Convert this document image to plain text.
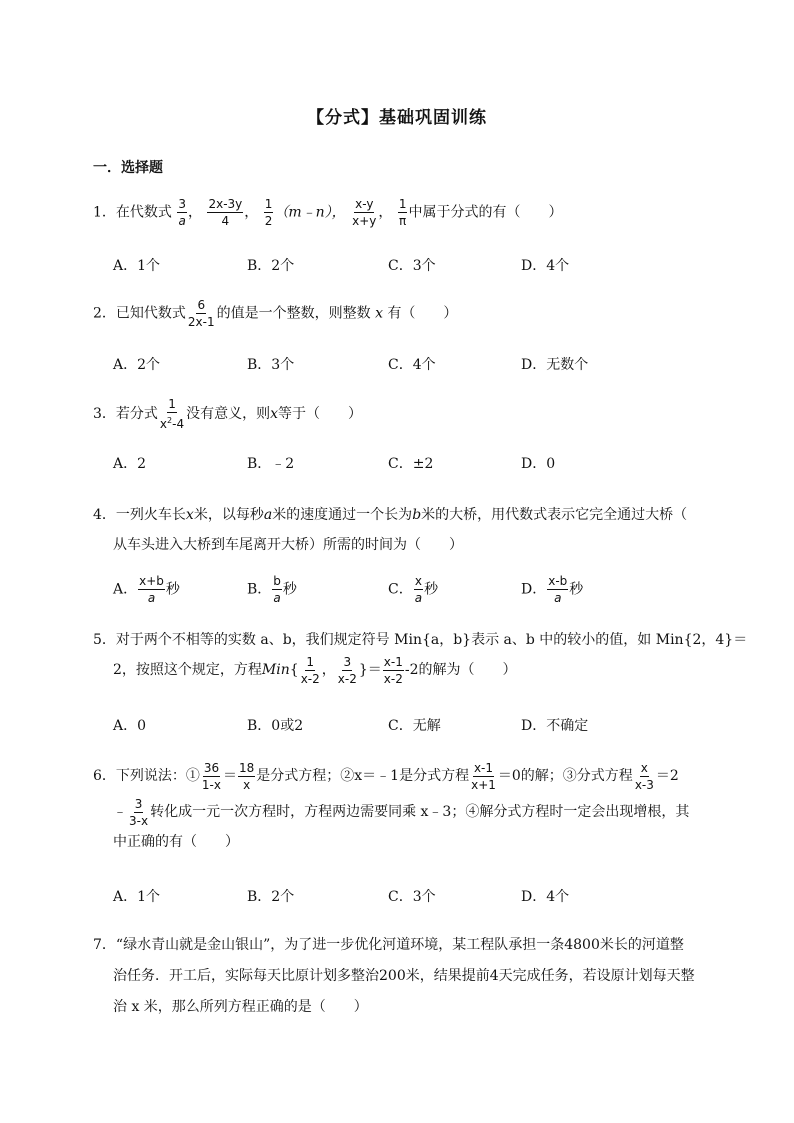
【分式】基础巩固训练
一．选择题
1．在代数式 $\frac{3}{a}$ ， $\frac{2x-3y}{4}$ ， $\frac{1}{2}$ （m﹣n）， $\frac{x-y}{x+y}$ ， $\frac{1}{\pi}$ 中属于分式的有（　　）
A．1个	B．2个	C．3个	D．4个
2．已知代数式 $\frac{6}{2x-1}$ 的值是一个整数，则整数 x 有（　　）
A．2个	B．3个	C．4个	D．无数个
3．若分式 $\frac{1}{x^2-4}$ 没有意义，则x等于（　　）
A．2	B．﹣2	C．±2	D．0
4．一列火车长x米，以每秒a米的速度通过一个长为b米的大桥，用代数式表示它完全通过大桥（
从车头进入大桥到车尾离开大桥）所需的时间为（　　）
A． $\frac{x+b}{a}$ 秒	B． $\frac{b}{a}$ 秒	C． $\frac{x}{a}$ 秒	D． $\frac{x-b}{a}$ 秒
5．对于两个不相等的实数 a、b，我们规定符号 Min{a，b}表示 a、b 中的较小的值，如 Min{2，4}＝
2，按照这个规定，方程$Min\{ \frac{1}{x-2}$ ， $\frac{3}{x-2}$ }＝ $\frac{x-1}{x-2} -2$的解为（　　）
A．0	B．0或2	C．无解	D．不确定
6．下列说法：① $\frac{36}{1-x} = \frac{18}{x}$ 是分式方程；②x＝﹣1是分式方程 $\frac{x-1}{x+1} =0$的解；③分式方程 $\frac{x}{x-3} =2$
﹣ $\frac{3}{3-x}$ 转化成一元一次方程时，方程两边需要同乘 x﹣3；④解分式方程时一定会出现增根，其
中正确的有（　　）
A．1个	B．2个	C．3个	D．4个
7．“绿水青山就是金山银山”，为了进一步优化河道环境，某工程队承担一条4800米长的河道整
治任务．开工后，实际每天比原计划多整治200米，结果提前4天完成任务，若设原计划每天整
治 x 米，那么所列方程正确的是（　　）
